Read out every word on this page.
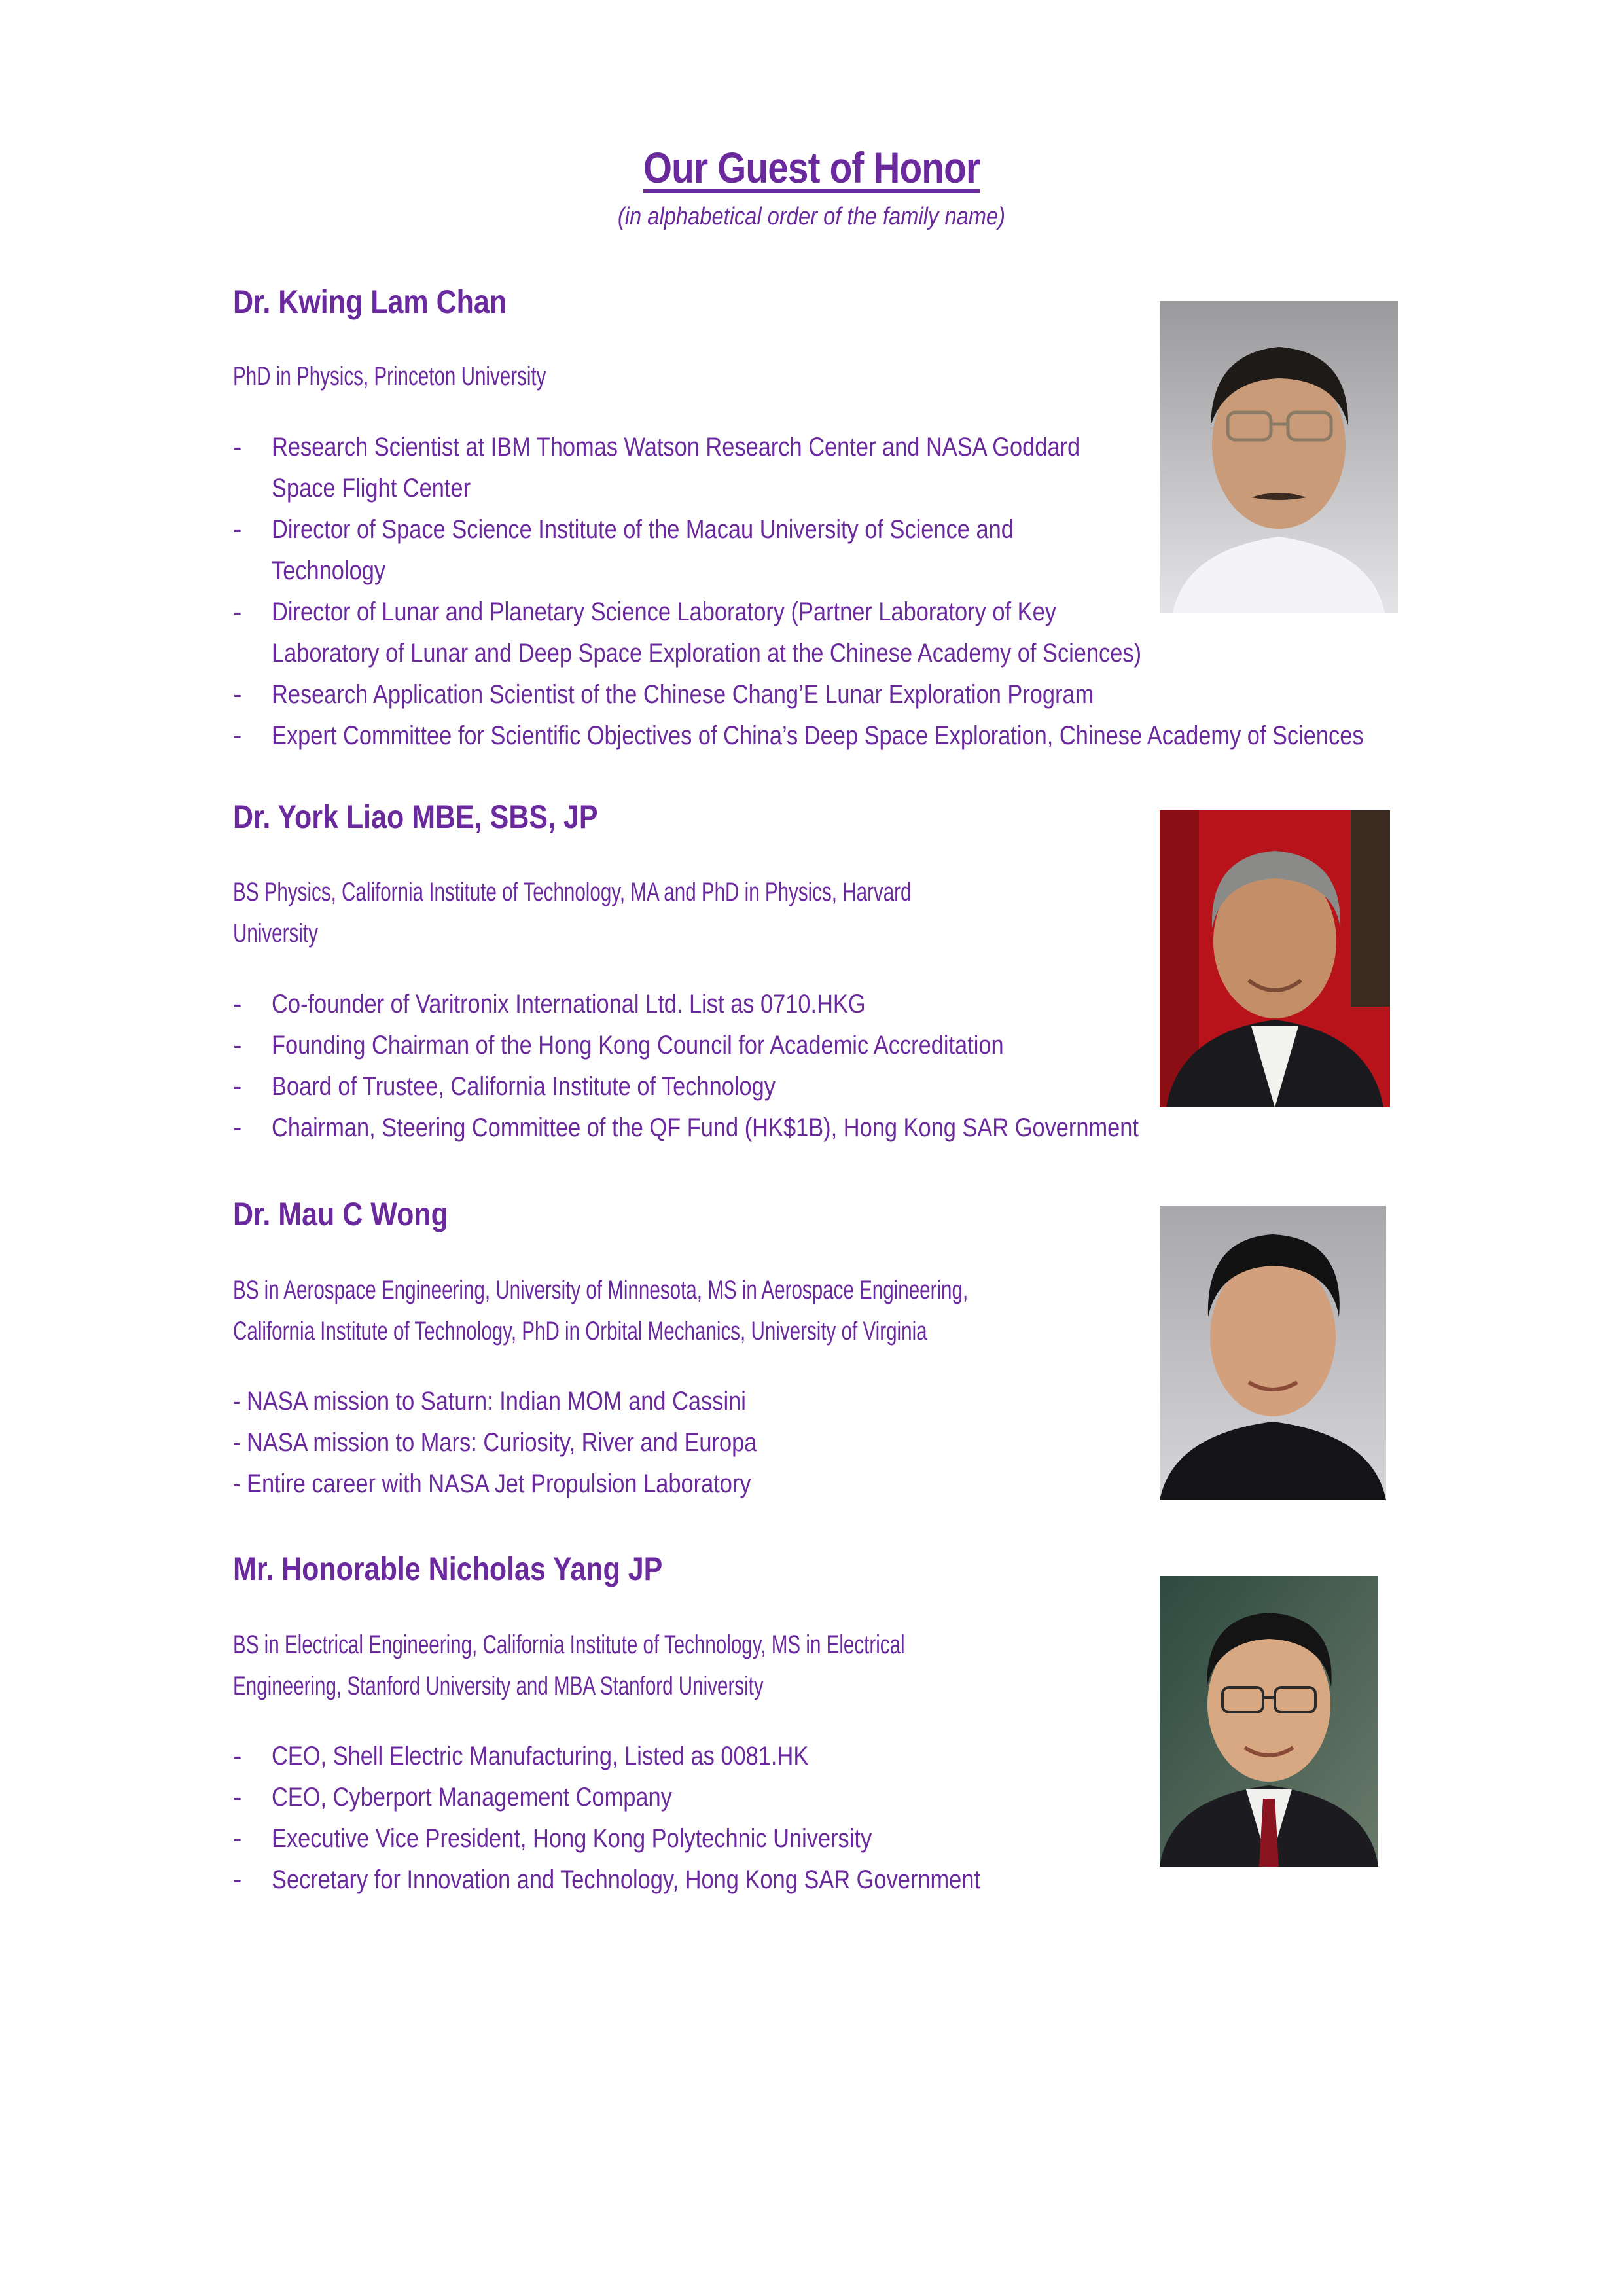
Our Guest of Honor
(in alphabetical order of the family name)
Dr. Kwing Lam Chan
PhD in Physics, Princeton University
- Research Scientist at IBM Thomas Watson Research Center and NASA Goddard
Space Flight Center
- Director of Space Science Institute of the Macau University of Science and
Technology
- Director of Lunar and Planetary Science Laboratory (Partner Laboratory of Key
Laboratory of Lunar and Deep Space Exploration at the Chinese Academy of Sciences)
- Research Application Scientist of the Chinese Chang’E Lunar Exploration Program
- Expert Committee for Scientific Objectives of China’s Deep Space Exploration, Chinese Academy of Sciences
Dr. York Liao MBE, SBS, JP
BS Physics, California Institute of Technology, MA and PhD in Physics, Harvard
University
- Co-founder of Varitronix International Ltd. List as 0710.HKG
- Founding Chairman of the Hong Kong Council for Academic Accreditation
- Board of Trustee, California Institute of Technology
- Chairman, Steering Committee of the QF Fund (HK$1B), Hong Kong SAR Government
Dr. Mau C Wong
BS in Aerospace Engineering, University of Minnesota, MS in Aerospace Engineering,
California Institute of Technology, PhD in Orbital Mechanics, University of Virginia
- NASA mission to Saturn: Indian MOM and Cassini
- NASA mission to Mars: Curiosity, River and Europa
- Entire career with NASA Jet Propulsion Laboratory
Mr. Honorable Nicholas Yang JP
BS in Electrical Engineering, California Institute of Technology, MS in Electrical
Engineering, Stanford University and MBA Stanford University
- CEO, Shell Electric Manufacturing, Listed as 0081.HK
- CEO, Cyberport Management Company
- Executive Vice President, Hong Kong Polytechnic University
- Secretary for Innovation and Technology, Hong Kong SAR Government
